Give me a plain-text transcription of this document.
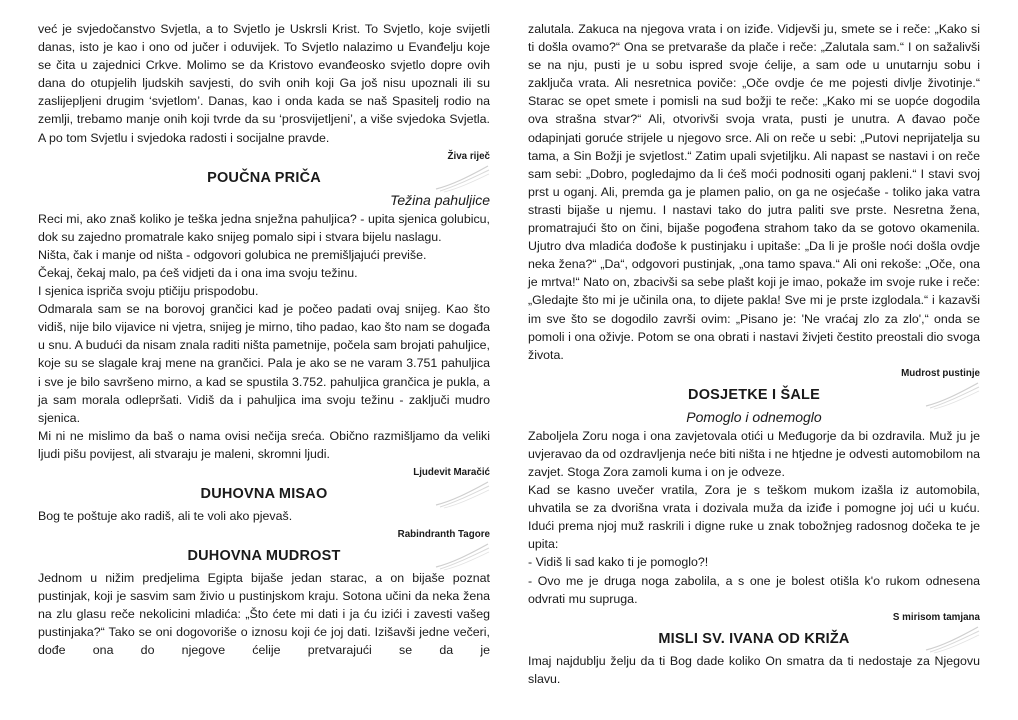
već je svjedočanstvo Svjetla, a to Svjetlo je Uskrsli Krist. To Svjetlo, koje svijetli danas, isto je kao i ono od jučer i oduvijek. To Svjetlo nalazimo u Evanđelju koje se čita u zajednici Crkve. Molimo se da Kristovo evanđeosko svjetlo dopre ovih dana do otupjelih ljudskih savjesti, do svih onih koji Ga još nisu upoznali ili su zaslijepljeni drugim ‘svjetlom’. Danas, kao i onda kada se naš Spasitelj rodio na zemlji, trebamo manje onih koji tvrde da su ‘prosvijetljeni’, a više svjedoka Svjetla. A po tom Svjetlu i svjedoka radosti i socijalne pravde.

Živa riječ
POUČNA PRIČA

Težina pahuljice

Reci mi, ako znaš koliko je teška jedna snježna pahuljica? - upita sjenica golubicu, dok su zajedno promatrale kako snijeg pomalo sipi i stvara bijelu naslagu.

Ništa, čak i manje od ništa - odgovori golubica ne premišljajući previše.

Čekaj, čekaj malo, pa ćeš vidjeti da i ona ima svoju težinu.

I sjenica ispriča svoju ptičiju prispodobu.

Odmarala sam se na borovoj grančici kad je počeo padati ovaj snijeg. Kao što vidiš, nije bilo vijavice ni vjetra, snijeg je mirno, tiho padao, kao što nam se događa u snu. A budući da nisam znala raditi ništa pametnije, počela sam brojati pahuljice, koje su se slagale kraj mene na grančici. Pala je ako se ne varam 3.751 pahuljica i sve je bilo savršeno mirno, a kad se spustila 3.752. pahuljica grančica je pukla, a ja sam morala odlepršati. Vidiš da i pahuljica ima svoju težinu - zaključi mudro sjenica.

Mi ni ne mislimo da baš o nama ovisi nečija sreća. Obično razmišljamo da veliki ljudi pišu povijest, ali stvaraju je maleni, skromni ljudi.

Ljudevit Maračić
DUHOVNA MISAO

Bog te poštuje ako radiš, ali te voli ako pjevaš.

Rabindranth Tagore
DUHOVNA MUDROST

Jednom u nižim predjelima Egipta bijaše jedan starac, a on bijaše poznat pustinjak, koji je sasvim sam živio u pustinjskom kraju. Sotona učini da neka žena na zlu glasu reče nekolicini mladića: „Što ćete mi dati i ja ću izići i zavesti vašeg pustinjaka?“ Tako se oni dogovoriše o iznosu koji će joj dati. Izišavši jedne večeri, dođe ona do njegove ćelije pretvarajući se da je

zalutala. Zakuca na njegova vrata i on iziđe. Vidjevši ju, smete se i reče: „Kako si ti došla ovamo?“ Ona se pretvaraše da plače i reče: „Zalutala sam.“ I on sažalivši se na nju, pusti je u sobu ispred svoje ćelije, a sam ode u unutarnju sobu i zaključa vrata. Ali nesretnica poviče: „Oče ovdje će me pojesti divlje životinje.“ Starac se opet smete i pomisli na sud božji te reče: „Kako mi se uopće dogodila ova strašna stvar?“ Ali, otvorivši svoja vrata, pusti je unutra. A đavao poče odapinjati goruće strijele u njegovo srce. Ali on reče u sebi: „Putovi neprijatelja su tama, a Sin Božji je svjetlost.“ Zatim upali svjetiljku. Ali napast se nastavi i on reče sam sebi: „Dobro, pogledajmo da li ćeš moći podnositi oganj pakleni.“ I stavi svoj prst u oganj. Ali, premda ga je plamen palio, on ga ne osjećaše - toliko jaka vatra strasti bijaše u njemu. I nastavi tako do jutra paliti sve prste. Nesretna žena, promatrajući što on čini, bijaše pogođena strahom tako da se gotovo okamenila. Ujutro dva mladića dođoše k pustinjaku i upitaše: „Da li je prošle noći došla ovdje neka žena?“ „Da“, odgovori pustinjak, „ona tamo spava.“ Ali oni rekoše: „Oče, ona je mrtva!“ Nato on, zbacivši sa sebe plašt koji je imao, pokaže im svoje ruke i reče: „Gledajte što mi je učinila ona, to dijete pakla! Sve mi je prste izglodala.“ i kazavši im sve što se dogodilo završi ovim: „Pisano je: 'Ne vraćaj zlo za zlo',“ onda se pomoli i ona oživje. Potom se ona obrati i nastavi živjeti čestito preostali dio svoga života.

Mudrost pustinje
DOSJETKE I ŠALE

Pomoglo i odnemoglo

Zaboljela Zoru noga i ona zavjetovala otići u Međugorje da bi ozdravila. Muž ju je uvjeravao da od ozdravljenja neće biti ništa i ne htjedne je odvesti automobilom na zavjet. Stoga Zora zamoli kuma i on je odveze.

Kad se kasno uvečer vratila, Zora je s teškom mukom izašla iz automobila, uhvatila se za dvorišna vrata i dozivala muža da iziđe i pomogne joj ući u kuću. Idući prema njoj muž raskrili i digne ruke u znak tobožnjeg radosnog dočeka te je upita:

- Vidiš li sad kako ti je pomoglo?!

- Ovo me je druga noga zabolila, a s one je bolest otišla k'o rukom odnesena odvrati mu supruga.

S mirisom tamjana
MISLI SV. IVANA OD KRIŽA

Imaj najdublju želju da ti Bog dade koliko On smatra da ti nedostaje za Njegovu slavu.
